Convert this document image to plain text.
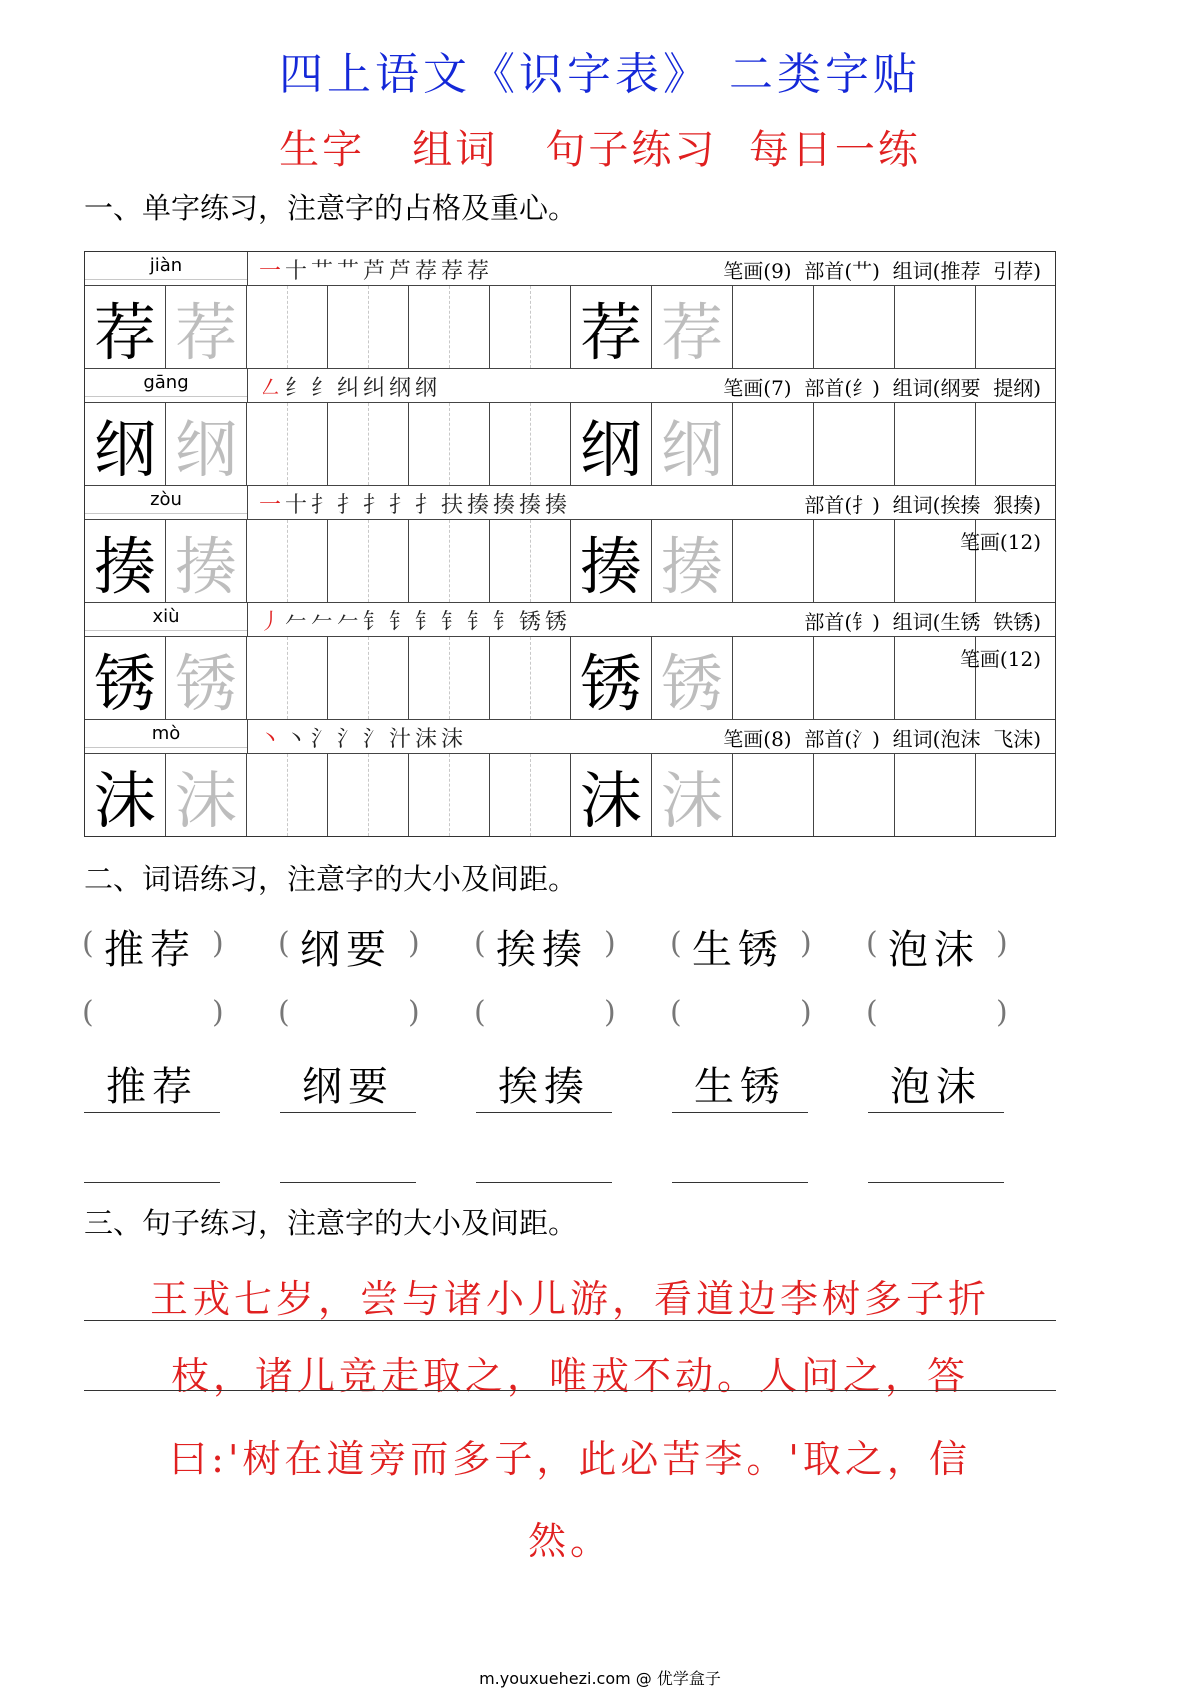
四上语文《识字表》 二类字贴
生字   组词   句子练习  每日一练
一、单字练习，注意字的占格及重心。
jiàn	一 十 艹 艹 芦 芦 荐 荐 荐	笔画(9) 部首(艹) 组词(推荐  引荐)
荐 荐	荐 荐
gāng	㇜ 纟 纟 纠 纠 纲 纲	笔画(7) 部首(纟) 组词(纲要  提纲)
纲 纲	纲 纲
zòu	一 十 扌 扌 扌 扌 扌 扶 揍 揍 揍 揍	部首(扌) 组词(挨揍  狠揍)
揍 揍	揍 揍	笔画(12)
xiù	丿 𠂉 𠂉 𠂉 钅 钅 钅 钅 钅 钅 锈 锈	部首(钅) 组词(生锈  铁锈)
锈 锈	锈 锈	笔画(12)
mò	丶 丶 氵 氵 氵 汁 沫 沫	笔画(8) 部首(氵) 组词(泡沫  飞沫)
沫 沫	沫 沫
二、词语练习，注意字的大小及间距。
( 推荐 ) ( 纲要 ) ( 挨揍 ) ( 生锈 ) ( 泡沫 )
(	) (	) (	) (	) (	)
推荐	纲要	挨揍	生锈	泡沫
三、句子练习，注意字的大小及间距。
王戎七岁，尝与诸小儿游，看道边李树多子折
枝，诸儿竞走取之，唯戎不动。人问之，答
曰:'树在道旁而多子，此必苦李。'取之，信
然。
m.youxuehezi.com @ 优学盒子
